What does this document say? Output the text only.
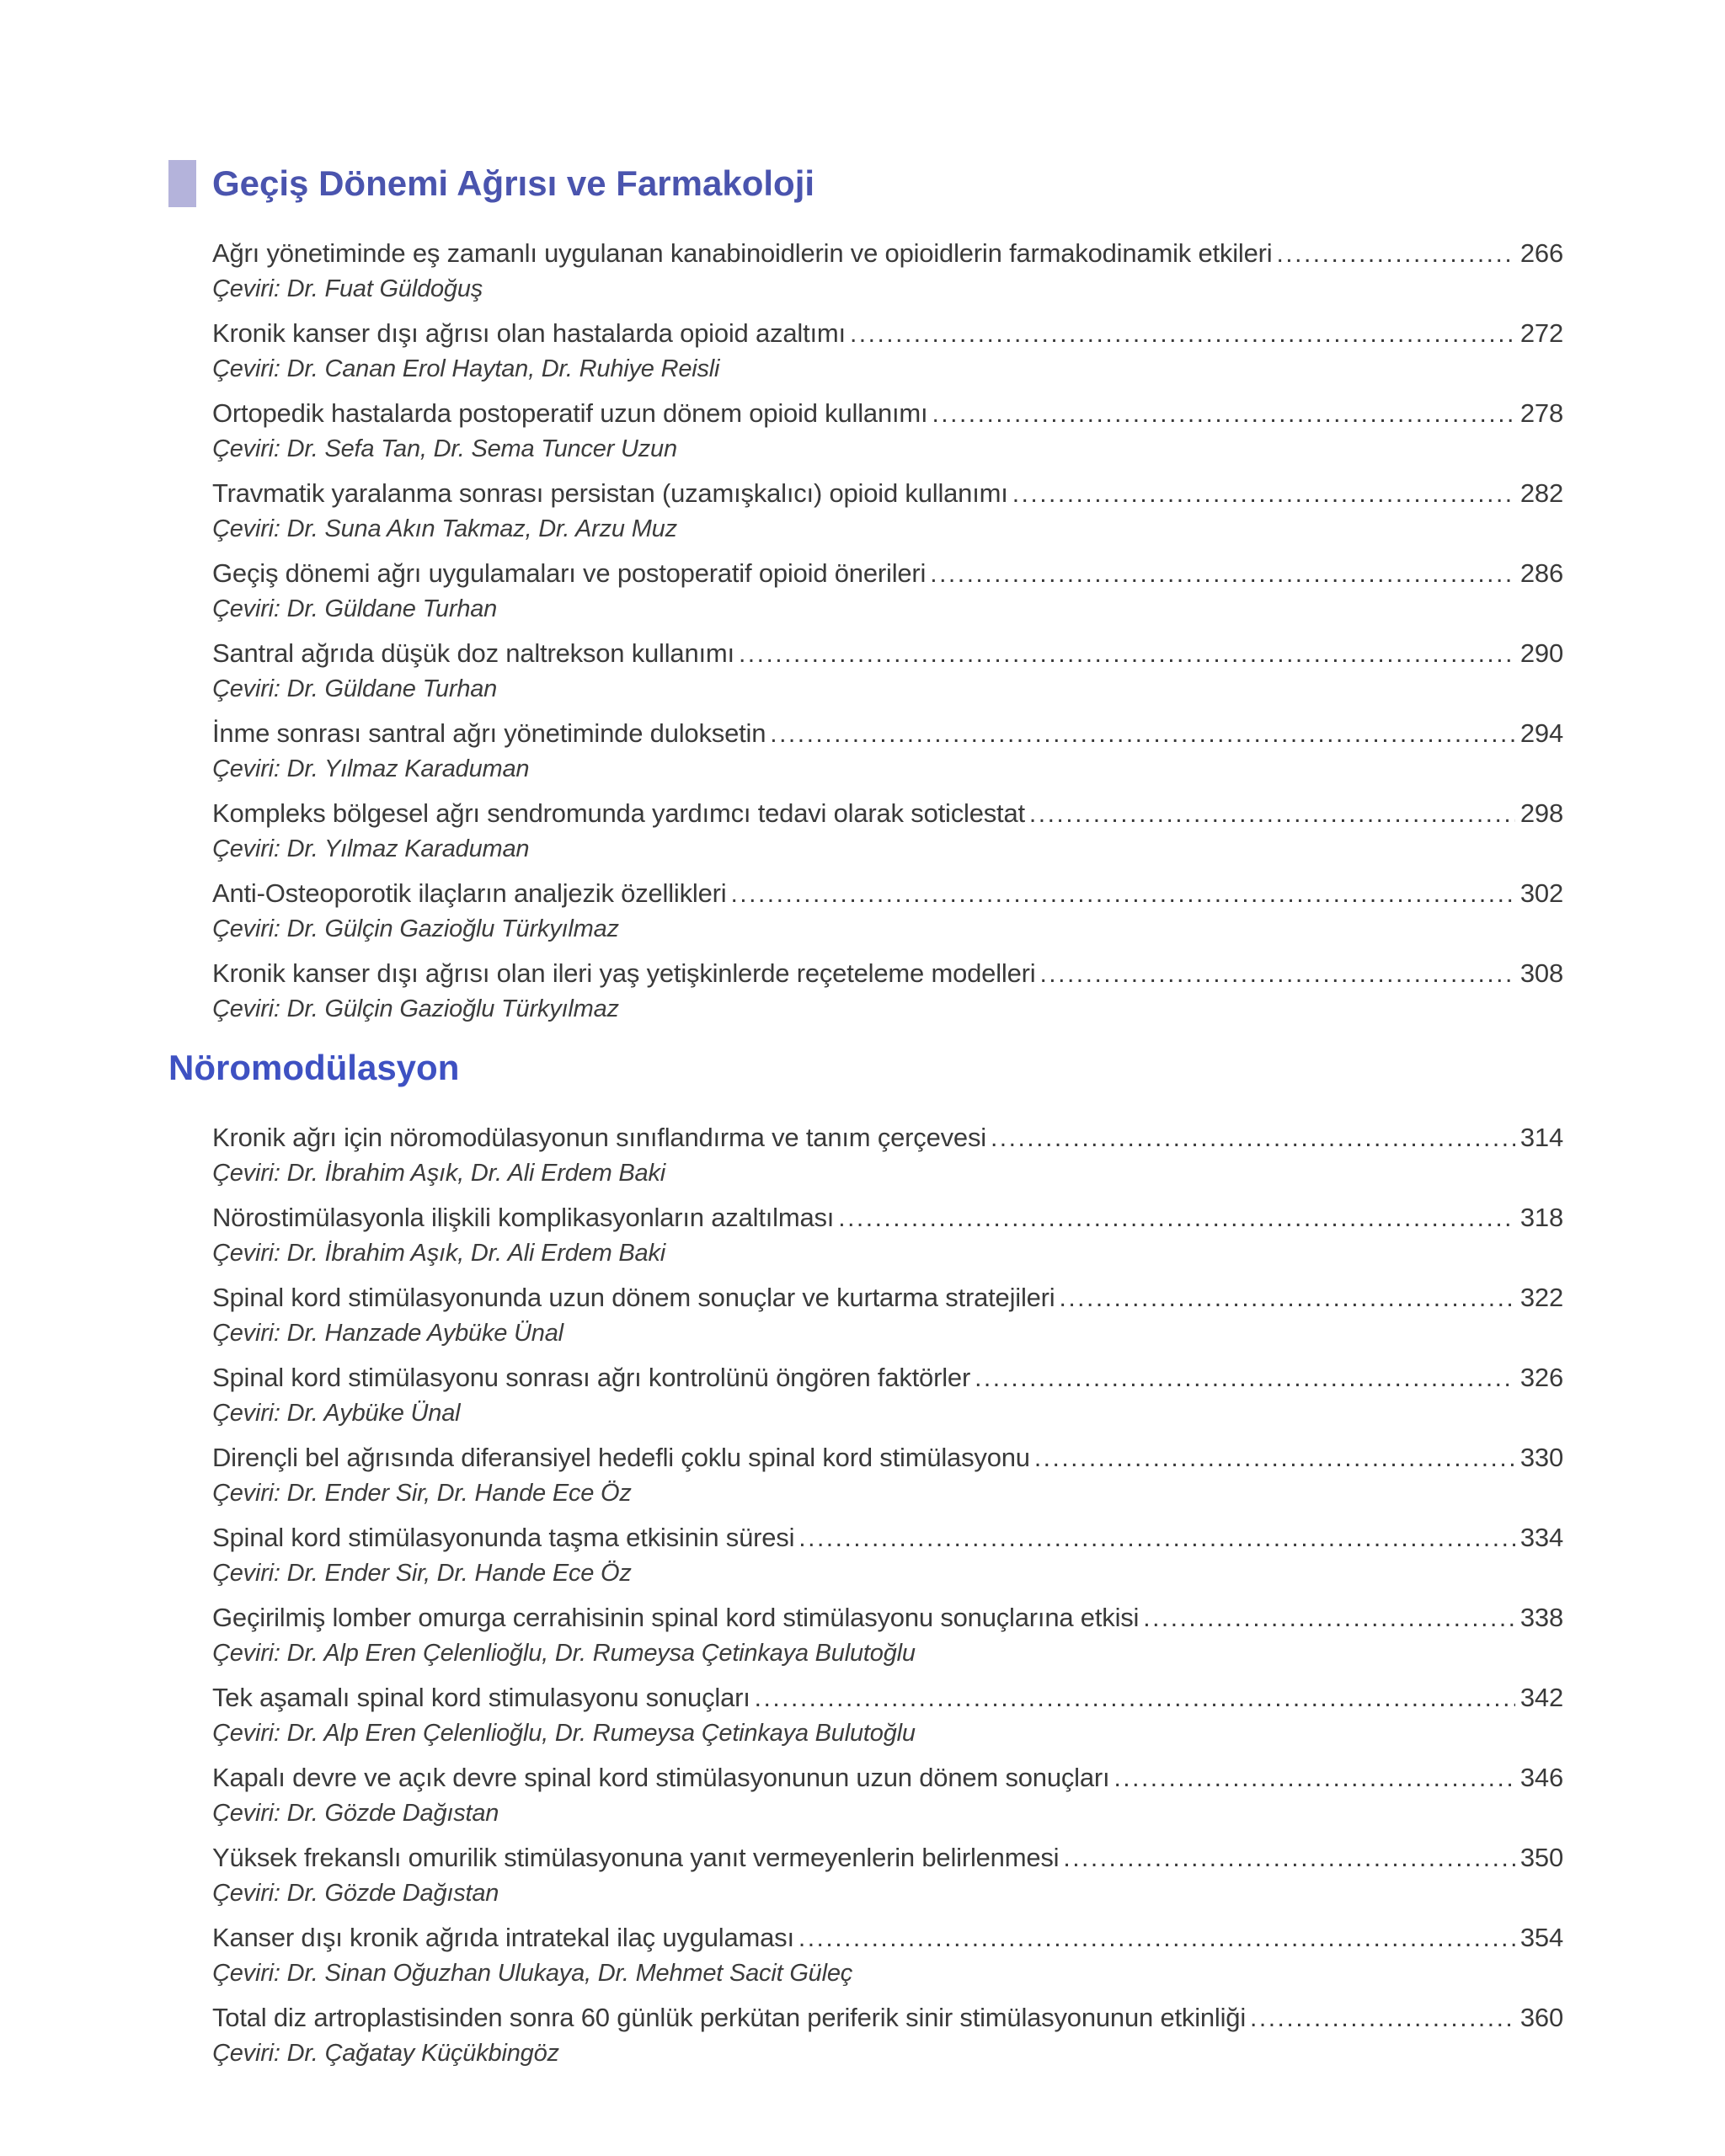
Geçiş Dönemi Ağrısı ve Farmakoloji
Ağrı yönetiminde eş zamanlı uygulanan kanabinoidlerin ve opioidlerin farmakodinamik etkileri .....	266
Çeviri: Dr. Fuat Güldoğuş
Kronik kanser dışı ağrısı olan hastalarda opioid azaltımı .....	272
Çeviri: Dr. Canan Erol Haytan, Dr. Ruhiye Reisli
Ortopedik hastalarda postoperatif uzun dönem opioid kullanımı .....	278
Çeviri: Dr. Sefa Tan, Dr. Sema Tuncer Uzun
Travmatik yaralanma sonrası persistan (uzamışkalıcı) opioid kullanımı .....	282
Çeviri: Dr. Suna Akın Takmaz, Dr. Arzu Muz
Geçiş dönemi ağrı uygulamaları ve postoperatif opioid önerileri .....	286
Çeviri: Dr. Güldane Turhan
Santral ağrıda düşük doz naltrekson kullanımı .....	290
Çeviri: Dr. Güldane Turhan
İnme sonrası santral ağrı yönetiminde duloksetin .....	294
Çeviri: Dr. Yılmaz Karaduman
Kompleks bölgesel ağrı sendromunda yardımcı tedavi olarak soticlestat .....	298
Çeviri: Dr. Yılmaz Karaduman
Anti-Osteoporotik ilaçların analjezik özellikleri .....	302
Çeviri: Dr. Gülçin Gazioğlu Türkyılmaz
Kronik kanser dışı ağrısı olan ileri yaş yetişkinlerde reçeteleme modelleri .....	308
Çeviri: Dr. Gülçin Gazioğlu Türkyılmaz
Nöromodülasyon
Kronik ağrı için nöromodülasyonun sınıflandırma ve tanım çerçevesi .....	314
Çeviri: Dr. İbrahim Aşık, Dr. Ali Erdem Baki
Nörostimülasyonla ilişkili komplikasyonların azaltılması .....	318
Çeviri: Dr. İbrahim Aşık, Dr. Ali Erdem Baki
Spinal kord stimülasyonunda uzun dönem sonuçlar ve kurtarma stratejileri .....	322
Çeviri: Dr. Hanzade Aybüke Ünal
Spinal kord stimülasyonu sonrası ağrı kontrolünü öngören faktörler .....	326
Çeviri: Dr. Aybüke Ünal
Dirençli bel ağrısında diferansiyel hedefli çoklu spinal kord stimülasyonu .....	330
Çeviri: Dr. Ender Sir, Dr. Hande Ece Öz
Spinal kord stimülasyonunda taşma etkisinin süresi .....	334
Çeviri: Dr. Ender Sir, Dr. Hande Ece Öz
Geçirilmiş lomber omurga cerrahisinin spinal kord stimülasyonu sonuçlarına etkisi .....	338
Çeviri: Dr. Alp Eren Çelenlioğlu, Dr. Rumeysa Çetinkaya Bulutoğlu
Tek aşamalı spinal kord stimulasyonu sonuçları .....	342
Çeviri: Dr. Alp Eren Çelenlioğlu, Dr. Rumeysa Çetinkaya Bulutoğlu
Kapalı devre ve açık devre spinal kord stimülasyonunun uzun dönem sonuçları .....	346
Çeviri: Dr. Gözde Dağıstan
Yüksek frekanslı omurilik stimülasyonuna yanıt vermeyenlerin belirlenmesi .....	350
Çeviri: Dr. Gözde Dağıstan
Kanser dışı kronik ağrıda intratekal ilaç uygulaması .....	354
Çeviri: Dr. Sinan Oğuzhan Ulukaya, Dr. Mehmet Sacit Güleç
Total diz artroplastisinden sonra 60 günlük perkütan periferik sinir stimülasyonunun etkinliği .....	360
Çeviri: Dr. Çağatay Küçükbingöz
